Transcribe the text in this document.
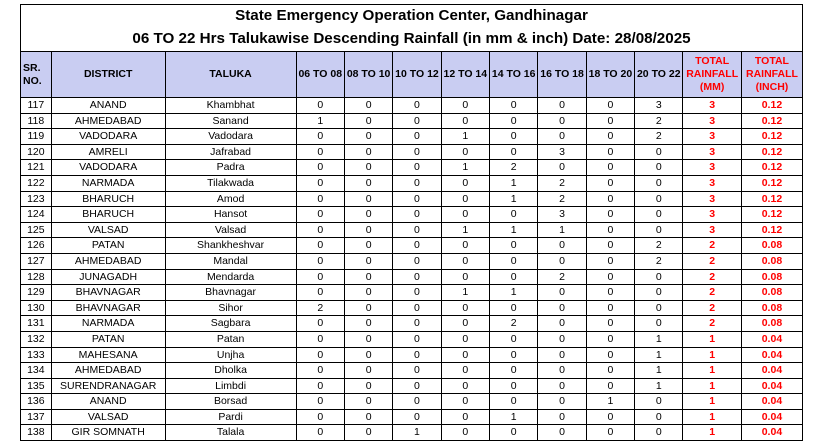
State Emergency Operation Center, Gandhinagar
06 TO 22 Hrs Talukawise Descending Rainfall (in mm & inch) Date: 28/08/2025
SR.
NO.	DISTRICT	TALUKA	06 TO 08	08 TO 10	10 TO 12	12 TO 14	14 TO 16	16 TO 18	18 TO 20	20 TO 22	TOTAL
RAINFALL
(MM)	TOTAL
RAINFALL
(INCH)
117	ANAND	Khambhat	0	0	0	0	0	0	0	3	3	0.12
118	AHMEDABAD	Sanand	1	0	0	0	0	0	0	2	3	0.12
119	VADODARA	Vadodara	0	0	0	1	0	0	0	2	3	0.12
120	AMRELI	Jafrabad	0	0	0	0	0	3	0	0	3	0.12
121	VADODARA	Padra	0	0	0	1	2	0	0	0	3	0.12
122	NARMADA	Tilakwada	0	0	0	0	1	2	0	0	3	0.12
123	BHARUCH	Amod	0	0	0	0	1	2	0	0	3	0.12
124	BHARUCH	Hansot	0	0	0	0	0	3	0	0	3	0.12
125	VALSAD	Valsad	0	0	0	1	1	1	0	0	3	0.12
126	PATAN	Shankheshvar	0	0	0	0	0	0	0	2	2	0.08
127	AHMEDABAD	Mandal	0	0	0	0	0	0	0	2	2	0.08
128	JUNAGADH	Mendarda	0	0	0	0	0	2	0	0	2	0.08
129	BHAVNAGAR	Bhavnagar	0	0	0	1	1	0	0	0	2	0.08
130	BHAVNAGAR	Sihor	2	0	0	0	0	0	0	0	2	0.08
131	NARMADA	Sagbara	0	0	0	0	2	0	0	0	2	0.08
132	PATAN	Patan	0	0	0	0	0	0	0	1	1	0.04
133	MAHESANA	Unjha	0	0	0	0	0	0	0	1	1	0.04
134	AHMEDABAD	Dholka	0	0	0	0	0	0	0	1	1	0.04
135	SURENDRANAGAR	Limbdi	0	0	0	0	0	0	0	1	1	0.04
136	ANAND	Borsad	0	0	0	0	0	0	1	0	1	0.04
137	VALSAD	Pardi	0	0	0	0	1	0	0	0	1	0.04
138	GIR SOMNATH	Talala	0	0	1	0	0	0	0	0	1	0.04
